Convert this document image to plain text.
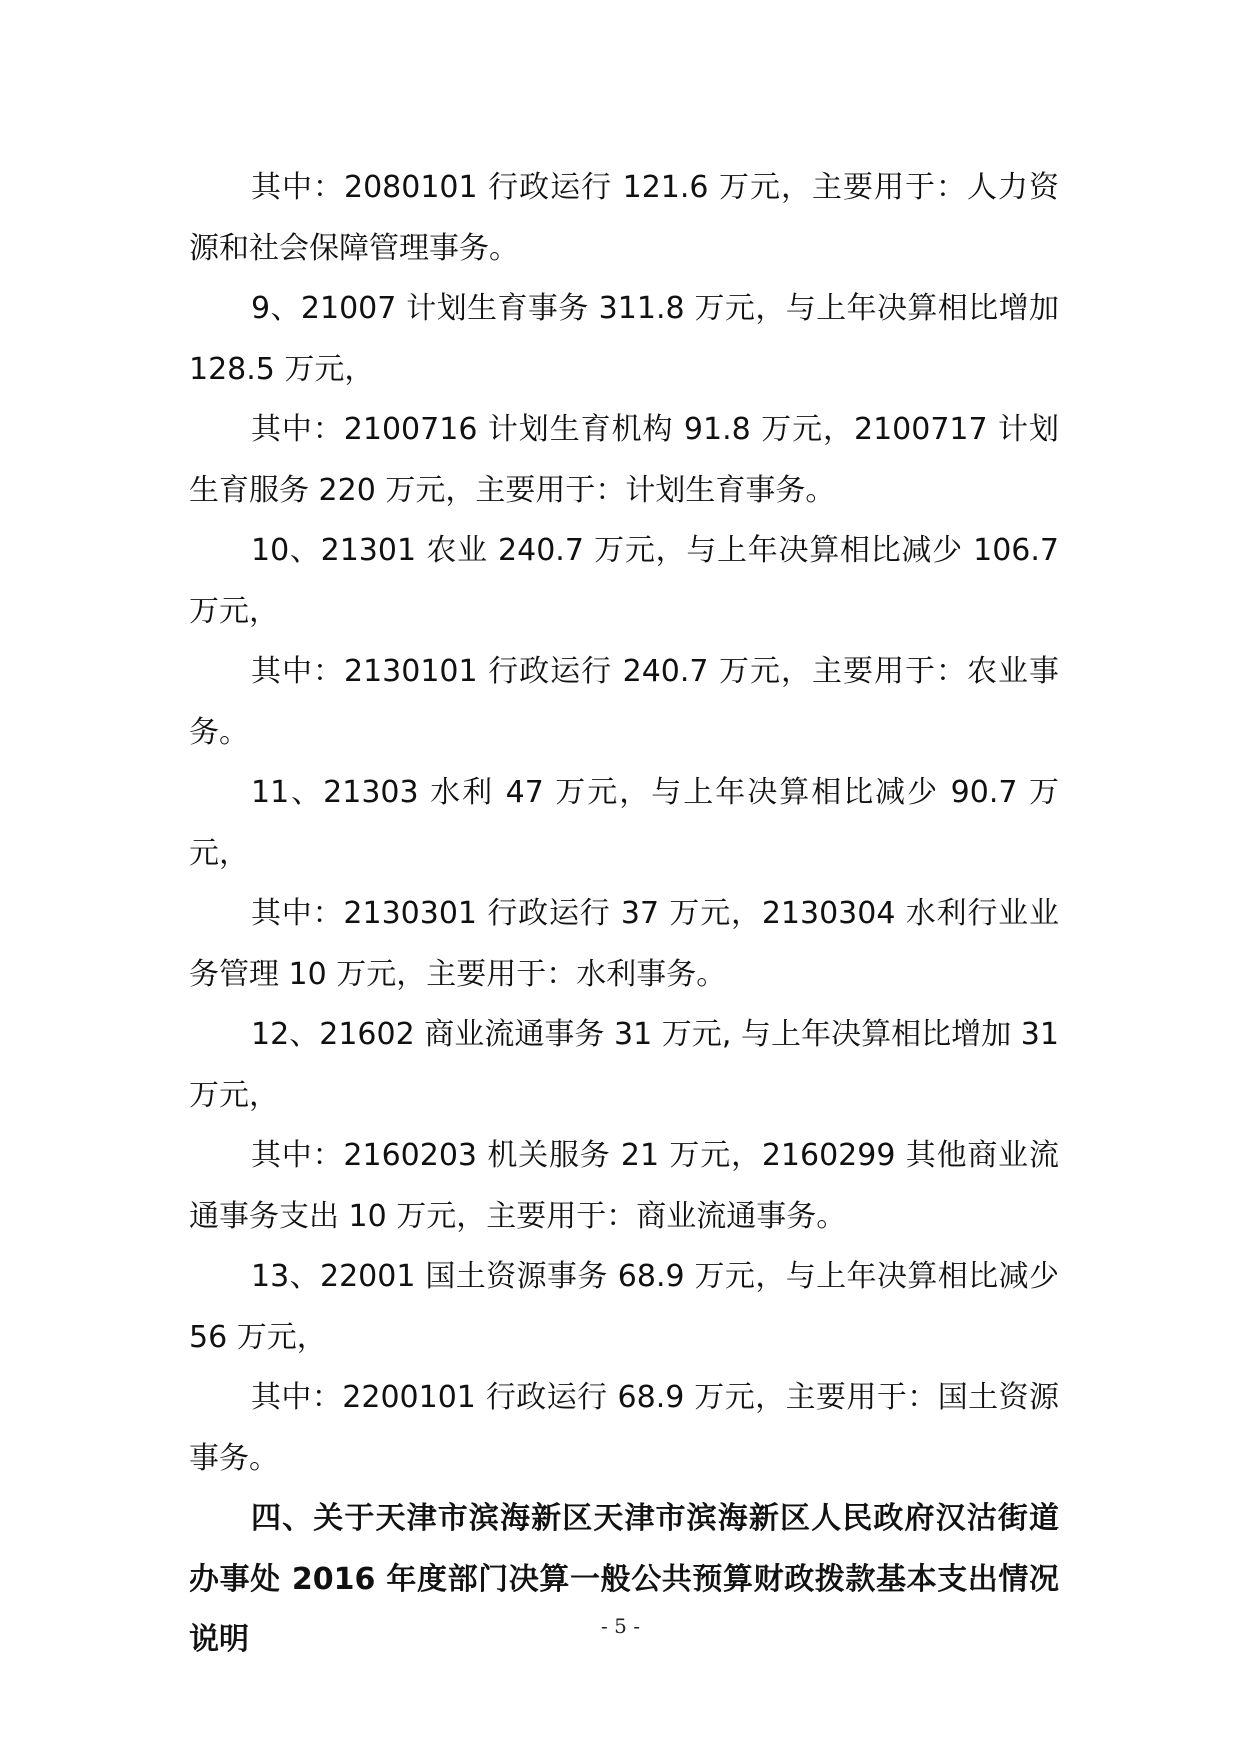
其中：2080101 行政运行 121.6 万元，主要用于：人力资源和社会保障管理事务。

9、21007 计划生育事务 311.8 万元，与上年决算相比增加 128.5 万元，

其中：2100716 计划生育机构 91.8 万元，2100717 计划生育服务 220 万元，主要用于：计划生育事务。

10、21301 农业 240.7 万元，与上年决算相比减少 106.7 万元，

其中：2130101 行政运行 240.7 万元，主要用于：农业事务。

11、21303 水利 47 万元，与上年决算相比减少 90.7 万元，

其中：2130301 行政运行 37 万元，2130304 水利行业业务管理 10 万元，主要用于：水利事务。

12、21602 商业流通事务 31 万元, 与上年决算相比增加 31 万元，

其中：2160203 机关服务 21 万元，2160299 其他商业流通事务支出 10 万元，主要用于：商业流通事务。

13、22001 国土资源事务 68.9 万元，与上年决算相比减少 56 万元，

其中：2200101 行政运行 68.9 万元，主要用于：国土资源事务。

四、关于天津市滨海新区天津市滨海新区人民政府汉沽街道办事处 2016 年度部门决算一般公共预算财政拨款基本支出情况说明	- 5 -
